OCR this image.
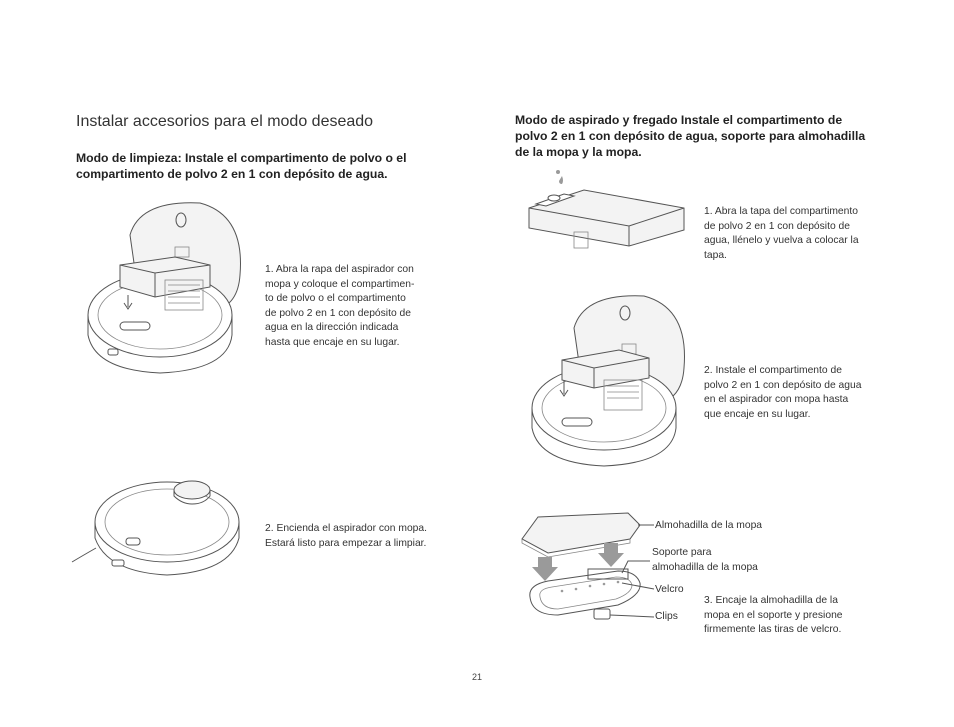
Instalar accesorios para el modo deseado
Modo de limpieza: Instale el compartimento de polvo o el compartimento de polvo 2 en 1 con depósito de agua.
1. Abra la rapa del aspirador con
mopa y coloque el compartimen-
to de polvo o el compartimento
de polvo 2 en 1 con depósito de
agua en la dirección indicada
hasta que encaje en su lugar.
2. Encienda el aspirador con mopa.
Estará listo para empezar a limpiar.
Modo de aspirado y fregado Instale el compartimento de
polvo 2 en 1 con depósito de agua, soporte para almohadilla
de la mopa y la mopa.
1. Abra la tapa del compartimento
de polvo 2 en 1 con depósito de
agua, llénelo y vuelva a colocar la
tapa.
2. Instale el compartimento de
polvo 2 en 1 con depósito de agua
en el aspirador con mopa hasta
que encaje en su lugar.
Almohadilla de la mopa
Soporte para
almohadilla de la mopa
Velcro
Clips
3. Encaje la almohadilla de la
mopa en el soporte y presione
firmemente las tiras de velcro.
21
